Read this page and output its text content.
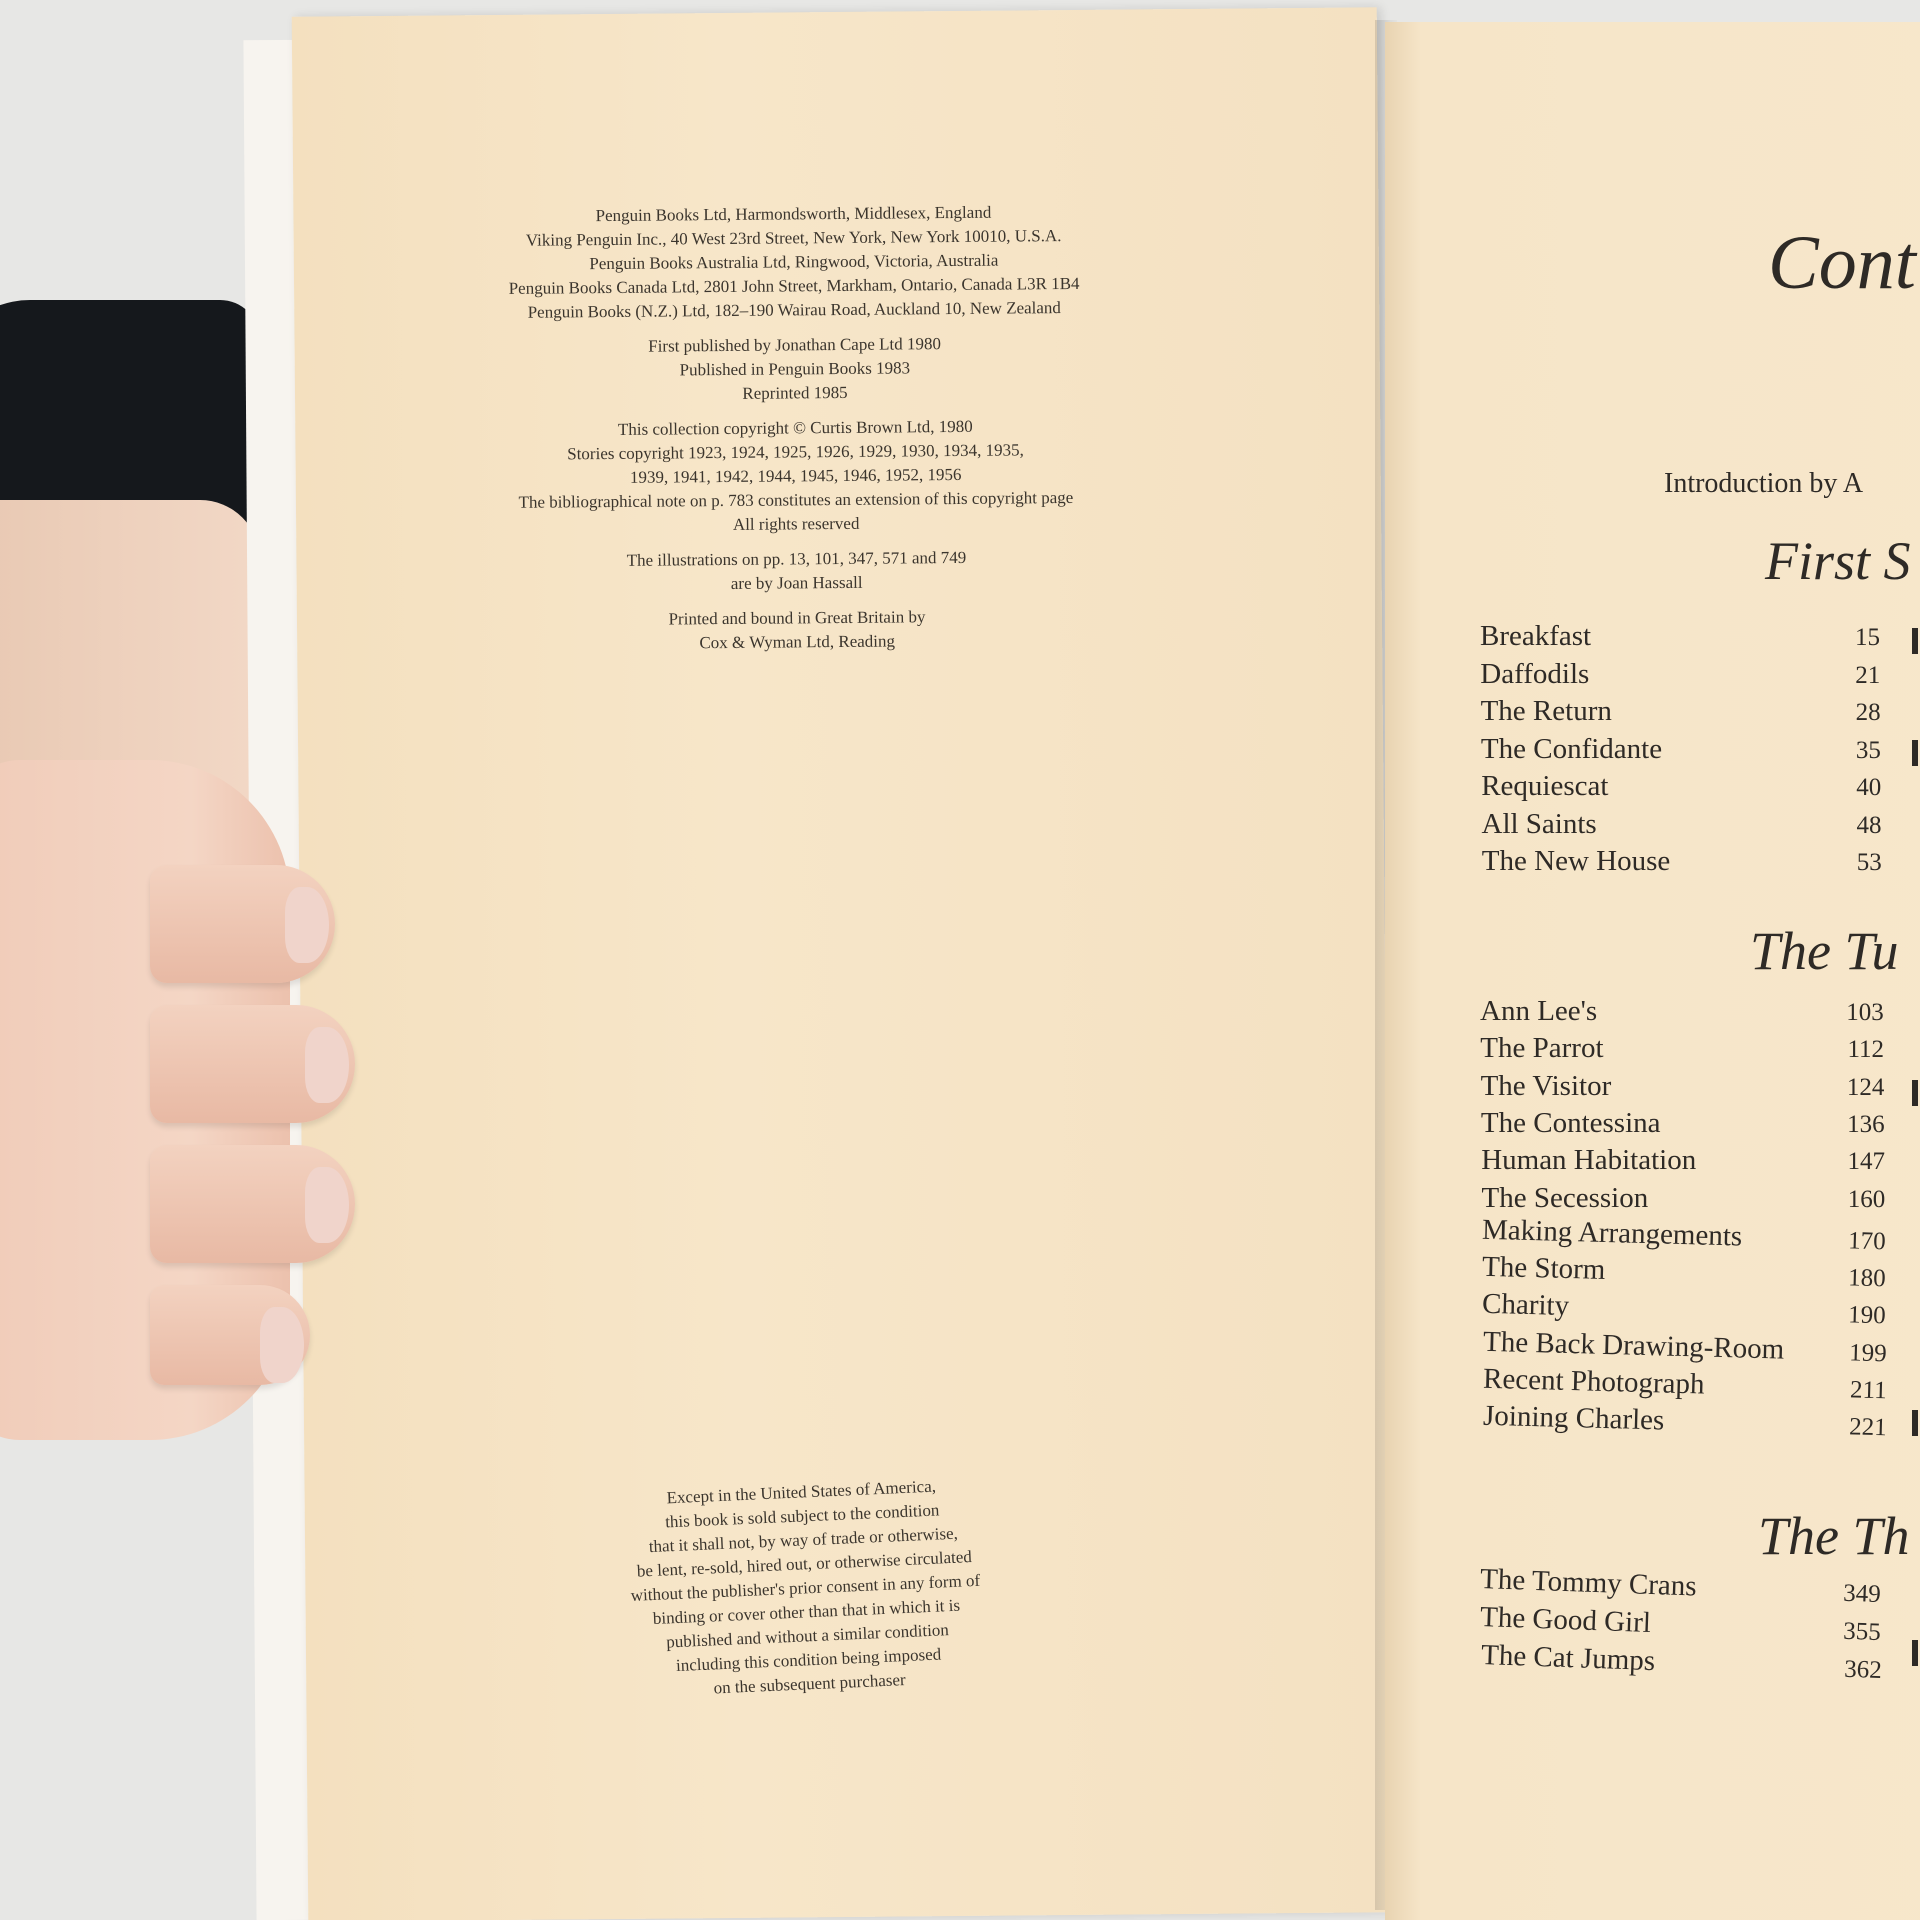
Penguin Books Ltd, Harmondsworth, Middlesex, England
Viking Penguin Inc., 40 West 23rd Street, New York, New York 10010, U.S.A.
Penguin Books Australia Ltd, Ringwood, Victoria, Australia
Penguin Books Canada Ltd, 2801 John Street, Markham, Ontario, Canada L3R 1B4
Penguin Books (N.Z.) Ltd, 182–190 Wairau Road, Auckland 10, New Zealand
First published by Jonathan Cape Ltd 1980
Published in Penguin Books 1983
Reprinted 1985
This collection copyright © Curtis Brown Ltd, 1980
Stories copyright 1923, 1924, 1925, 1926, 1929, 1930, 1934, 1935,
1939, 1941, 1942, 1944, 1945, 1946, 1952, 1956
The bibliographical note on p. 783 constitutes an extension of this copyright page
All rights reserved
The illustrations on pp. 13, 101, 347, 571 and 749
are by Joan Hassall
Printed and bound in Great Britain by
Cox & Wyman Ltd, Reading
Except in the United States of America,
this book is sold subject to the condition
that it shall not, by way of trade or otherwise,
be lent, re-sold, hired out, or otherwise circulated
without the publisher's prior consent in any form of
binding or cover other than that in which it is
published and without a similar condition
including this condition being imposed
on the subsequent purchaser
Cont
Introduction by A
First S
Breakfast	15
Daffodils	21
The Return	28
The Confidante	35
Requiescat	40
All Saints	48
The New House	53
The Tu
Ann Lee's	103
The Parrot	112
The Visitor	124
The Contessina	136
Human Habitation	147
The Secession	160
Making Arrangements	170
The Storm	180
Charity	190
The Back Drawing-Room	199
Recent Photograph	211
Joining Charles	221
The Th
The Tommy Crans	349
The Good Girl	355
The Cat Jumps	362
